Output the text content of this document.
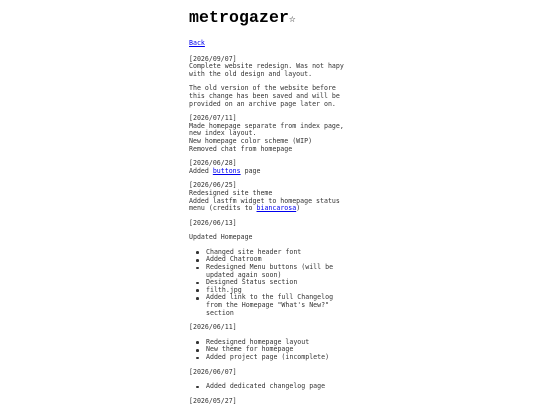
metrogazer☆
Back

[2026/09/07]
Complete website redesign. Was not hapy
with the old design and layout.

The old version of the website before
this change has been saved and will be
provided on an archive page later on.

[2026/07/11]
Made homepage separate from index page,
new index layout.
New homepage color scheme (WIP)
Removed chat from homepage

[2026/06/28]
Added buttons page

[2026/06/25]
Redesigned site theme
Added lastfm widget to homepage status
menu (credits to biancarosa)

[2026/06/13]

Updated Homepage

Changed site header font
Added Chatroom
Redesigned Menu buttons (will be
updated again soon)
Designed Status section
filth.jpg
Added link to the full Changelog
from the Homepage "What's New?"
section

[2026/06/11]

Redesigned homepage layout
New theme for homepage
Added project page (incomplete)

[2026/06/07]

Added dedicated changelog page

[2026/05/27]
